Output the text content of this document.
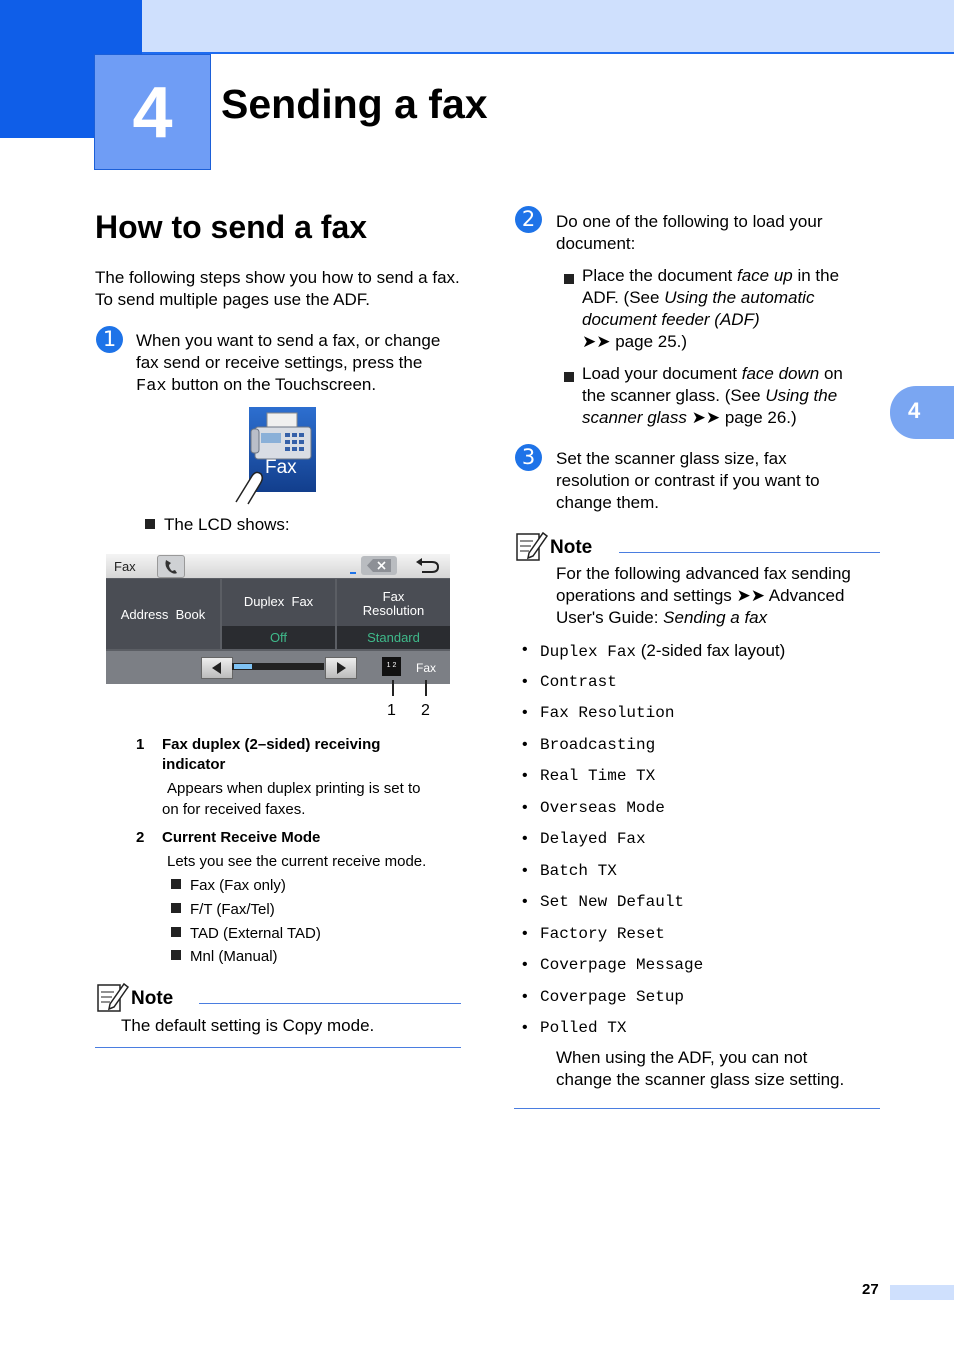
4	Sending a fax
4
How to send a fax
The following steps show you how to send a fax. To send multiple pages use the ADF.
1	When you want to send a fax, or change
fax send or receive settings, press the
Fax button on the Touchscreen.
Fax
The LCD shows:
Fax
Address  Book
Duplex  Fax
Off
Fax
Resolution
Standard
1 2	Fax
1 2
1 Fax duplex (2–sided) receiving
indicator
Appears when duplex printing is set to
on for received faxes.
2 Current Receive Mode
Lets you see the current receive mode.
Fax (Fax only)
F/T (Fax/Tel)
TAD (External TAD)
Mnl (Manual)
Note
The default setting is Copy mode.
2	Do one of the following to load your
document:
Place the document face up in the
ADF. (See Using the automatic
document feeder (ADF)
➤➤ page 25.)
Load your document face down on
the scanner glass. (See Using the
scanner glass ➤➤ page 26.)
3	Set the scanner glass size, fax
resolution or contrast if you want to
change them.
Note
For the following advanced fax sending
operations and settings ➤➤ Advanced
User's Guide: Sending a fax
• Duplex Fax (2-sided fax layout)
• Contrast
• Fax Resolution
• Broadcasting
• Real Time TX
• Overseas Mode
• Delayed Fax
• Batch TX
• Set New Default
• Factory Reset
• Coverpage Message
• Coverpage Setup
• Polled TX
When using the ADF, you can not
change the scanner glass size setting.
27
